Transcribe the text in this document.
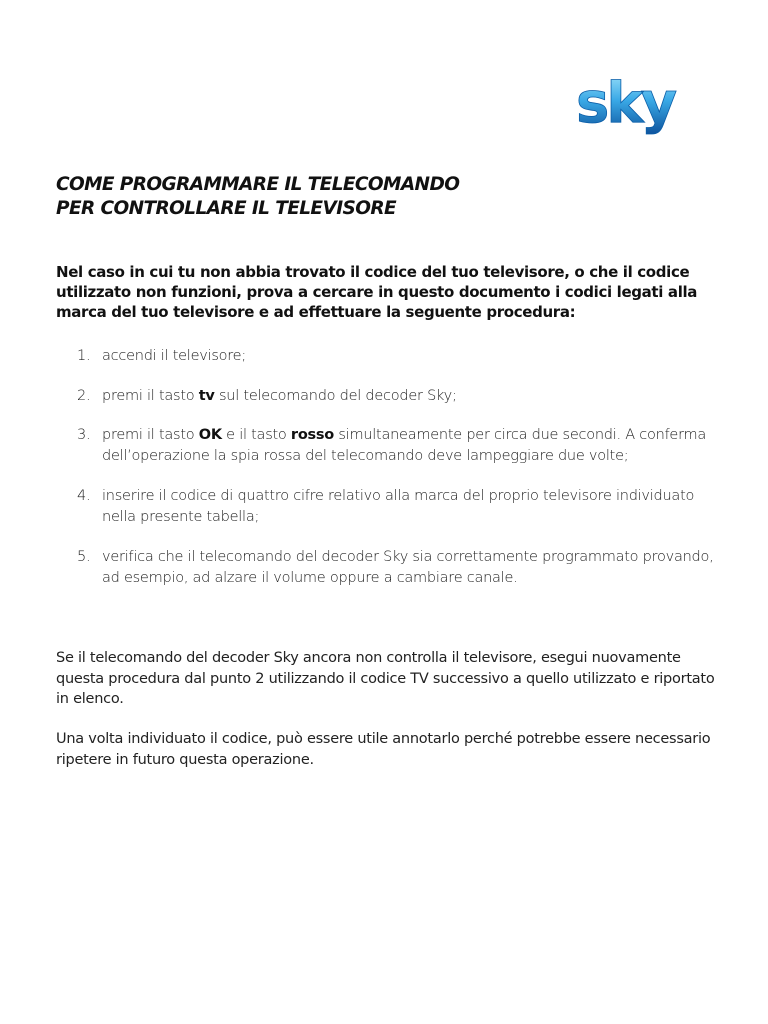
sky
COME PROGRAMMARE IL TELECOMANDO
PER CONTROLLARE IL TELEVISORE

Nel caso in cui tu non abbia trovato il codice del tuo televisore, o che il codice utilizzato non funzioni, prova a cercare in questo documento i codici legati alla marca del tuo televisore e ad effettuare la seguente procedura:

1. accendi il televisore;
2. premi il tasto tv sul telecomando del decoder Sky;
3. premi il tasto OK e il tasto rosso simultaneamente per circa due secondi. A conferma dell’operazione la spia rossa del telecomando deve lampeggiare due volte;
4. inserire il codice di quattro cifre relativo alla marca del proprio televisore individuato nella presente tabella;
5. verifica che il telecomando del decoder Sky sia correttamente programmato provando, ad esempio, ad alzare il volume oppure a cambiare canale.

Se il telecomando del decoder Sky ancora non controlla il televisore, esegui nuovamente questa procedura dal punto 2 utilizzando il codice TV successivo a quello utilizzato e riportato in elenco.

Una volta individuato il codice, può essere utile annotarlo perché potrebbe essere necessario ripetere in futuro questa operazione.
